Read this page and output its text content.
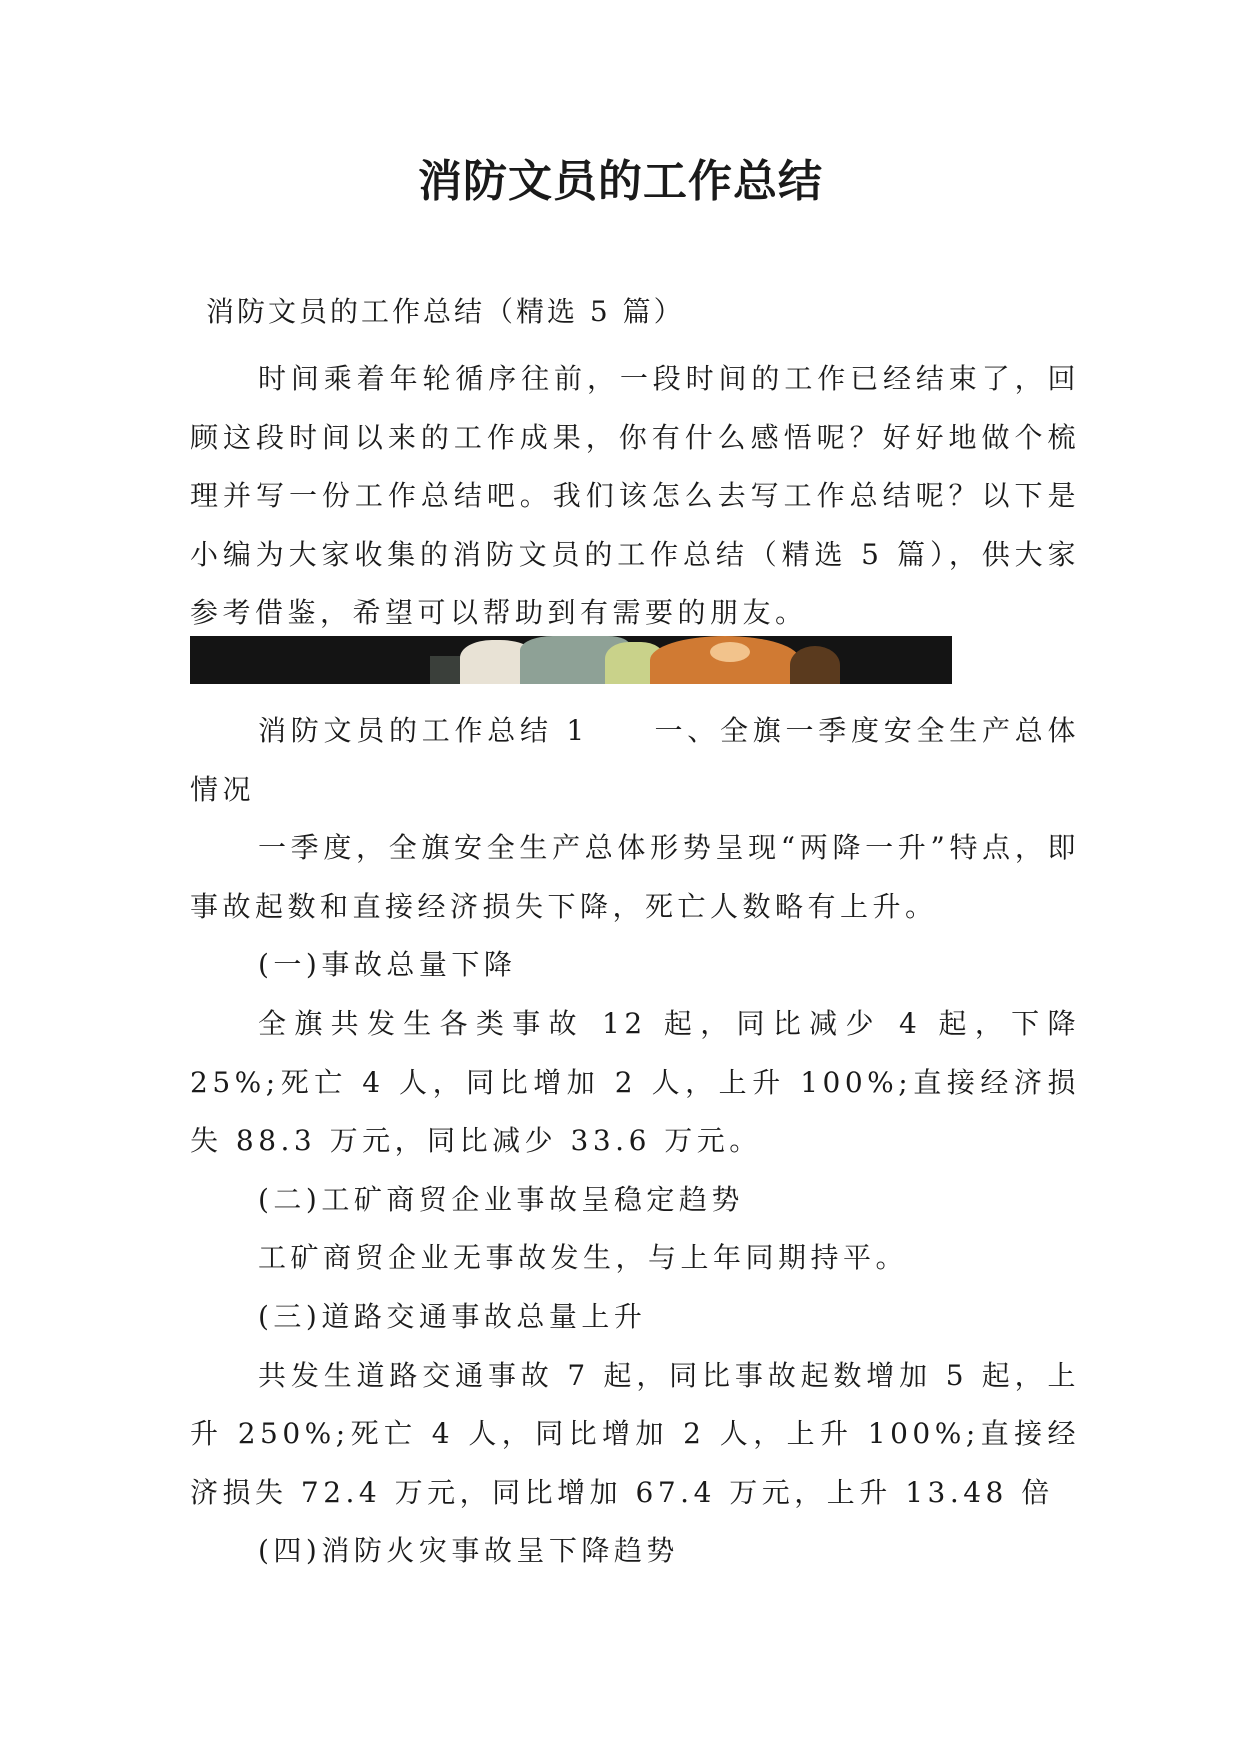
消防文员的工作总结

消防文员的工作总结（精选 5 篇）

时间乘着年轮循序往前，一段时间的工作已经结束了，回顾这段时间以来的工作成果，你有什么感悟呢？好好地做个梳理并写一份工作总结吧。我们该怎么去写工作总结呢？以下是小编为大家收集的消防文员的工作总结（精选 5 篇），供大家参考借鉴，希望可以帮助到有需要的朋友。

消防文员的工作总结 1　　一、全旗一季度安全生产总体情况

一季度，全旗安全生产总体形势呈现“两降一升”特点，即事故起数和直接经济损失下降，死亡人数略有上升。

(一)事故总量下降

全旗共发生各类事故 12 起，同比减少 4 起，下降 25%;死亡 4 人，同比增加 2 人，上升 100%;直接经济损失 88.3 万元，同比减少 33.6 万元。

(二)工矿商贸企业事故呈稳定趋势

工矿商贸企业无事故发生，与上年同期持平。

(三)道路交通事故总量上升

共发生道路交通事故 7 起，同比事故起数增加 5 起，上升 250%;死亡 4 人，同比增加 2 人，上升 100%;直接经济损失 72.4 万元，同比增加 67.4 万元，上升 13.48 倍

(四)消防火灾事故呈下降趋势
